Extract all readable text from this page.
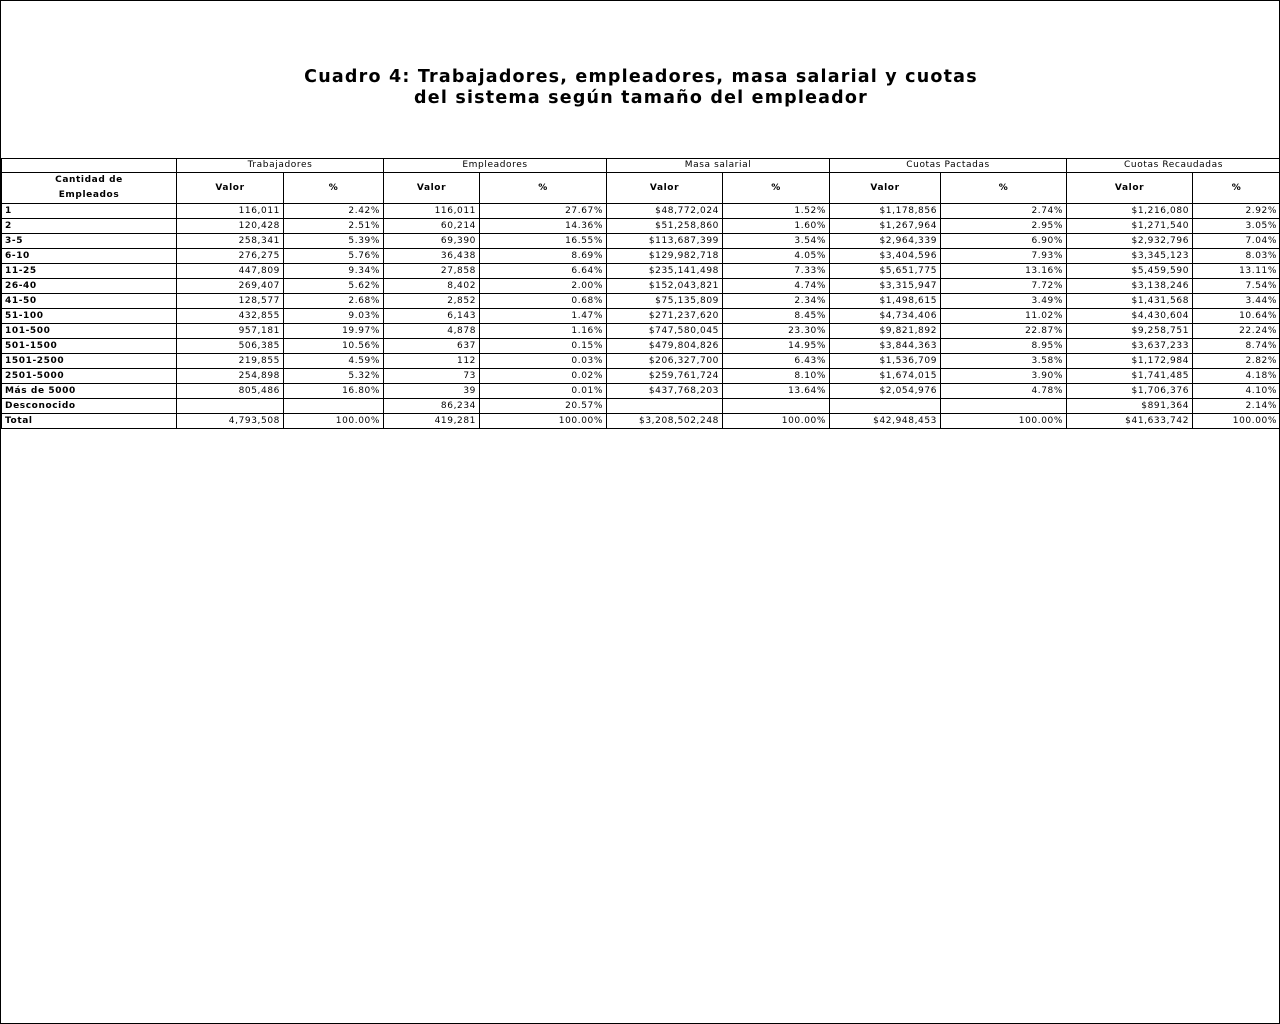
Cuadro 4: Trabajadores, empleadores, masa salarial y cuotas
del sistema según tamaño del empleador
	Trabajadores		Empleadores		Masa salarial		Cuotas Pactadas		Cuotas Recaudadas	

Cantidad de
Empleados	Valor	%	Valor	%	Valor	%	Valor	%	Valor	%
1	116,011	2.42%	116,011	27.67%	$48,772,024	1.52%	$1,178,856	2.74%	$1,216,080	2.92%
2	120,428	2.51%	60,214	14.36%	$51,258,860	1.60%	$1,267,964	2.95%	$1,271,540	3.05%
3-5	258,341	5.39%	69,390	16.55%	$113,687,399	3.54%	$2,964,339	6.90%	$2,932,796	7.04%
6-10	276,275	5.76%	36,438	8.69%	$129,982,718	4.05%	$3,404,596	7.93%	$3,345,123	8.03%
11-25	447,809	9.34%	27,858	6.64%	$235,141,498	7.33%	$5,651,775	13.16%	$5,459,590	13.11%
26-40	269,407	5.62%	8,402	2.00%	$152,043,821	4.74%	$3,315,947	7.72%	$3,138,246	7.54%
41-50	128,577	2.68%	2,852	0.68%	$75,135,809	2.34%	$1,498,615	3.49%	$1,431,568	3.44%
51-100	432,855	9.03%	6,143	1.47%	$271,237,620	8.45%	$4,734,406	11.02%	$4,430,604	10.64%
101-500	957,181	19.97%	4,878	1.16%	$747,580,045	23.30%	$9,821,892	22.87%	$9,258,751	22.24%
501-1500	506,385	10.56%	637	0.15%	$479,804,826	14.95%	$3,844,363	8.95%	$3,637,233	8.74%
1501-2500	219,855	4.59%	112	0.03%	$206,327,700	6.43%	$1,536,709	3.58%	$1,172,984	2.82%
2501-5000	254,898	5.32%	73	0.02%	$259,761,724	8.10%	$1,674,015	3.90%	$1,741,485	4.18%
Más de 5000	805,486	16.80%	39	0.01%	$437,768,203	13.64%	$2,054,976	4.78%	$1,706,376	4.10%
Desconocido			86,234	20.57%					$891,364	2.14%
Total	4,793,508	100.00%	419,281	100.00%	$3,208,502,248	100.00%	$42,948,453	100.00%	$41,633,742	100.00%
